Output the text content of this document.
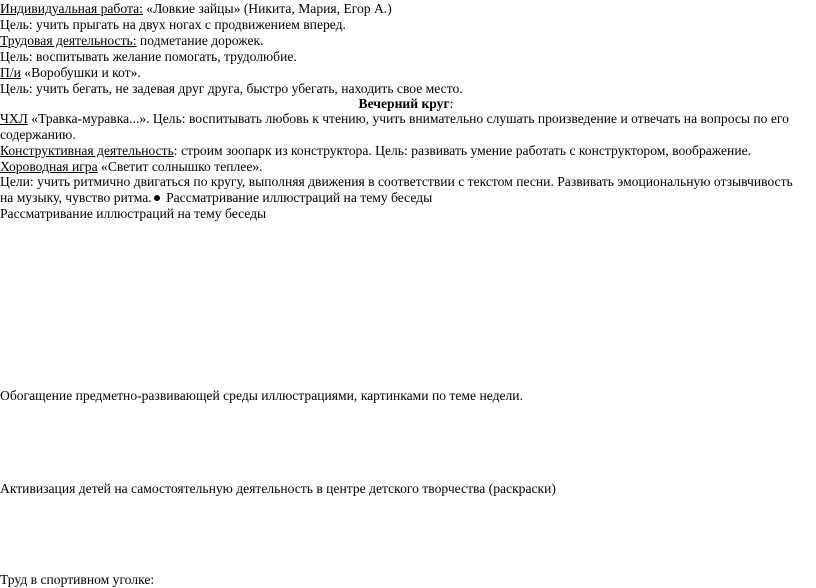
Индивидуальная работа: «Ловкие зайцы» (Никита, Мария, Егор А.)
Цель: учить прыгать на двух ногах с продвижением вперед.
Трудовая деятельность: подметание дорожек.
Цель: воспитывать желание помогать, трудолюбие.
П/и «Воробушки и кот».
Цель: учить бегать, не задевая друг друга, быстро убегать, находить свое место.
Вечерний круг:
ЧХЛ «Травка-муравка...». Цель: воспитывать любовь к чтению, учить внимательно слушать произведение и отвечать на вопросы по его содержанию.
Конструктивная деятельность: строим зоопарк из конструктора. Цель: развивать умение работать с конструктором, воображение.
Хороводная игра «Светит солнышко теплее».
Цели: учить ритмично двигаться по кругу, выполняя движения в соответствии с текстом песни. Развивать эмоциональную отзывчивость на музыку, чувство ритма. Рассматривание иллюстраций на тему беседы
Рассматривание иллюстраций на тему беседы
Обогащение предметно-развивающей среды иллюстрациями, картинками по теме недели.
Активизация детей на самостоятельную деятельность в центре детского творчества (раскраски)
Труд в спортивном уголке:
